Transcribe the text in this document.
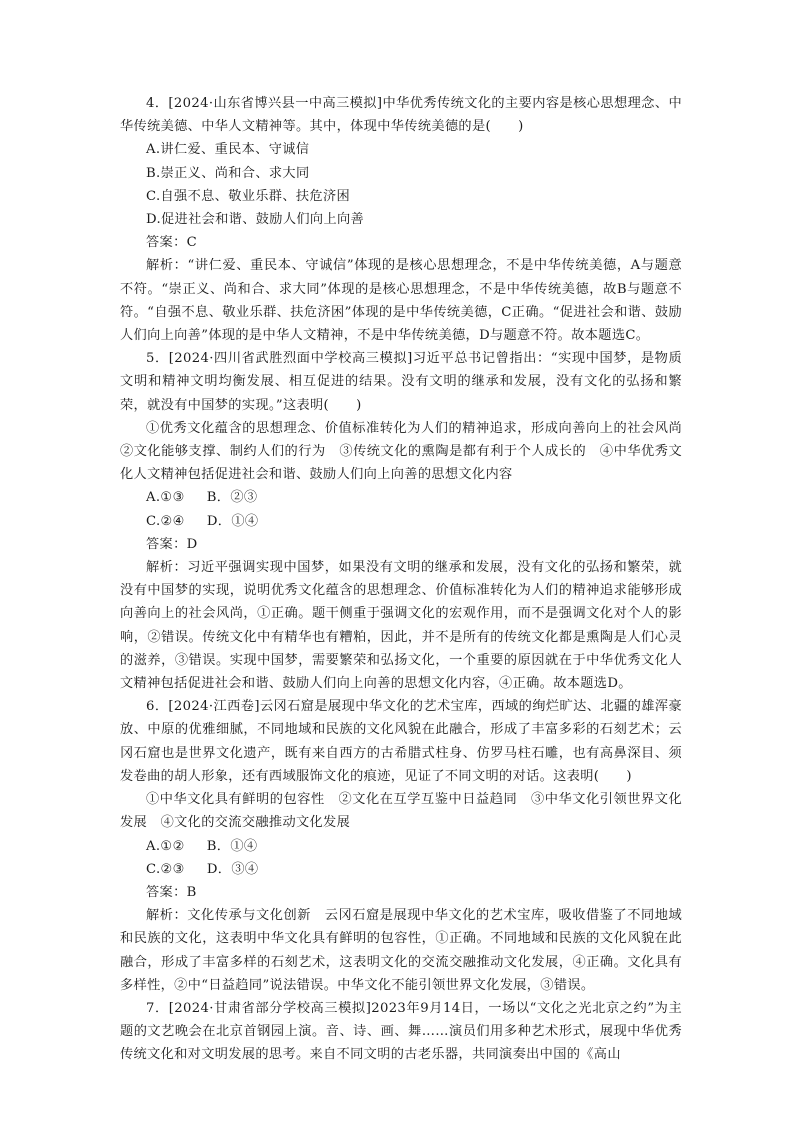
4．[2024·山东省博兴县一中高三模拟]中华优秀传统文化的主要内容是核心思想理念、中华传统美德、中华人文精神等。其中，体现中华传统美德的是(　　)

A.讲仁爱、重民本、守诚信

B.崇正义、尚和合、求大同

C.自强不息、敬业乐群、扶危济困

D.促进社会和谐、鼓励人们向上向善

答案：C

解析：“讲仁爱、重民本、守诚信”体现的是核心思想理念，不是中华传统美德，A与题意不符。“崇正义、尚和合、求大同”体现的是核心思想理念，不是中华传统美德，故B与题意不符。“自强不息、敬业乐群、扶危济困”体现的是中华传统美德，C正确。“促进社会和谐、鼓励人们向上向善”体现的是中华人文精神，不是中华传统美德，D与题意不符。故本题选C。

5．[2024·四川省武胜烈面中学校高三模拟]习近平总书记曾指出：“实现中国梦，是物质文明和精神文明均衡发展、相互促进的结果。没有文明的继承和发展，没有文化的弘扬和繁荣，就没有中国梦的实现。”这表明(　　)

①优秀文化蕴含的思想理念、价值标准转化为人们的精神追求，形成向善向上的社会风尚　②文化能够支撑、制约人们的行为　③传统文化的熏陶是都有利于个人成长的　④中华优秀文化人文精神包括促进社会和谐、鼓励人们向上向善的思想文化内容

A.①③ B．②③

C.②④ D．①④

答案：D

解析：习近平强调实现中国梦，如果没有文明的继承和发展，没有文化的弘扬和繁荣，就没有中国梦的实现，说明优秀文化蕴含的思想理念、价值标准转化为人们的精神追求能够形成向善向上的社会风尚，①正确。题干侧重于强调文化的宏观作用，而不是强调文化对个人的影响，②错误。传统文化中有精华也有糟粕，因此，并不是所有的传统文化都是熏陶是人们心灵的滋养，③错误。实现中国梦，需要繁荣和弘扬文化，一个重要的原因就在于中华优秀文化人文精神包括促进社会和谐、鼓励人们向上向善的思想文化内容，④正确。故本题选D。

6．[2024·江西卷]云冈石窟是展现中华文化的艺术宝库，西域的绚烂旷达、北疆的雄浑豪放、中原的优雅细腻，不同地域和民族的文化风貌在此融合，形成了丰富多彩的石刻艺术；云冈石窟也是世界文化遗产，既有来自西方的古希腊式柱身、仿罗马柱石雕，也有高鼻深目、须发卷曲的胡人形象，还有西域服饰文化的痕迹，见证了不同文明的对话。这表明(　　)

①中华文化具有鲜明的包容性　②文化在互学互鉴中日益趋同　③中华文化引领世界文化发展　④文化的交流交融推动文化发展

A.①② B．①④

C.②③ D．③④

答案：B

解析：文化传承与文化创新　云冈石窟是展现中华文化的艺术宝库，吸收借鉴了不同地域和民族的文化，这表明中华文化具有鲜明的包容性，①正确。不同地域和民族的文化风貌在此融合，形成了丰富多样的石刻艺术，这表明文化的交流交融推动文化发展，④正确。文化具有多样性，②中“日益趋同”说法错误。中华文化不能引领世界文化发展，③错误。

7．[2024·甘肃省部分学校高三模拟]2023年9月14日，一场以“文化之光北京之约”为主题的文艺晚会在北京首钢园上演。音、诗、画、舞……演员们用多种艺术形式，展现中华优秀传统文化和对文明发展的思考。来自不同文明的古老乐器，共同演奏出中国的《高山
